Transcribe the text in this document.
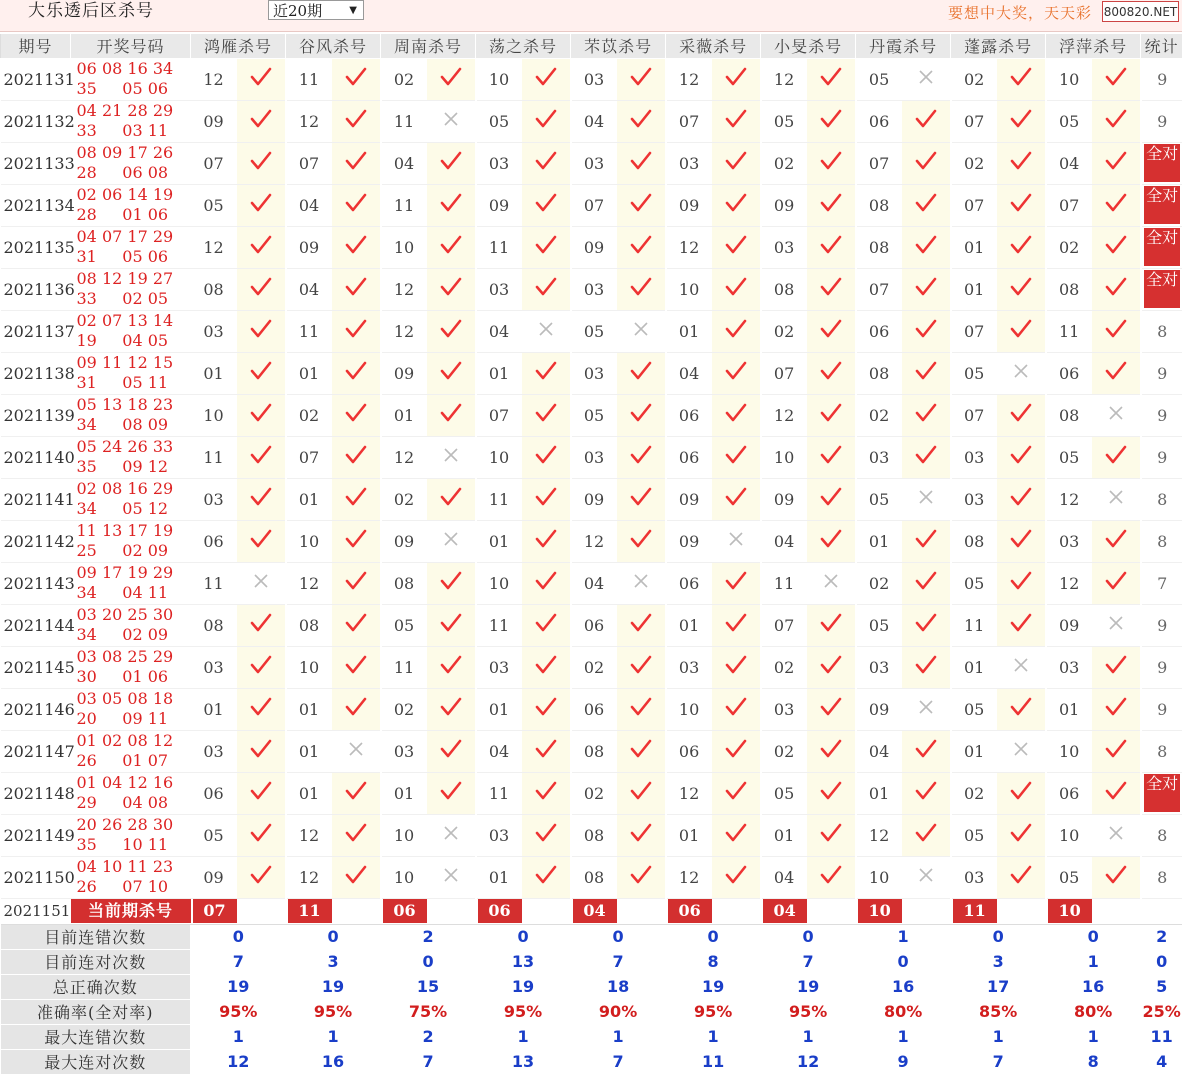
大乐透后区杀号	近20期	▼	要想中大奖，天天彩 800820.NET
期号	开奖号码	鸿雁杀号		谷风杀号		周南杀号		荡之杀号		芣苡杀号		采薇杀号		小旻杀号		丹霞杀号		蓬露杀号		浮萍杀号		统计
2021131	06 08 16 34
35 05 06	12		11		02		10		03		12		12		05		02		10		9
2021132	04 21 28 29
33 03 11	09		12		11		05		04		07		05		06		07		05		9
2021133	08 09 17 26
28 06 08	07		07		04		03		03		03		02		07		02		04		全对
2021134	02 06 14 19
28 01 06	05		04		11		09		07		09		09		08		07		07		全对
2021135	04 07 17 29
31 05 06	12		09		10		11		09		12		03		08		01		02		全对
2021136	08 12 19 27
33 02 05	08		04		12		03		03		10		08		07		01		08		全对
2021137	02 07 13 14
19 04 05	03		11		12		04		05		01		02		06		07		11		8
2021138	09 11 12 15
31 05 11	01		01		09		01		03		04		07		08		05		06		9
2021139	05 13 18 23
34 08 09	10		02		01		07		05		06		12		02		07		08		9
2021140	05 24 26 33
35 09 12	11		07		12		10		03		06		10		03		03		05		9
2021141	02 08 16 29
34 05 12	03		01		02		11		09		09		09		05		03		12		8
2021142	11 13 17 19
25 02 09	06		10		09		01		12		09		04		01		08		03		8
2021143	09 17 19 29
34 04 11	11		12		08		10		04		06		11		02		05		12		7
2021144	03 20 25 30
34 02 09	08		08		05		11		06		01		07		05		11		09		9
2021145	03 08 25 29
30 01 06	03		10		11		03		02		03		02		03		01		03		9
2021146	03 05 08 18
20 09 11	01		01		02		01		06		10		03		09		05		01		9
2021147	01 02 08 12
26 01 07	03		01		03		04		08		06		02		04		01		10		8
2021148	01 04 12 16
29 04 08	06		01		01		11		02		12		05		01		02		06		全对
2021149	20 26 28 30
35 10 11	05		12		10		03		08		01		01		12		05		10		8
2021150	04 10 11 23
26 07 10	09		12		10		01		08		12		04		10		03		05		8
2021151	当前期杀号	07		11		06		06		04		06		04		10		11		10		

目前连错次数		0		0		2		0		0		0		0		1		0		0		2
目前连对次数		7		3		0		13		7		8		7		0		3		1		0
总正确次数		19		19		15		19		18		19		19		16		17		16		5
准确率(全对率)		95%		95%		75%		95%		90%		95%		95%		80%		85%		80%		25%
最大连错次数		1		1		2		1		1		1		1		1		1		1		11
最大连对次数		12		16		7		13		7		11		12		9		7		8		4
